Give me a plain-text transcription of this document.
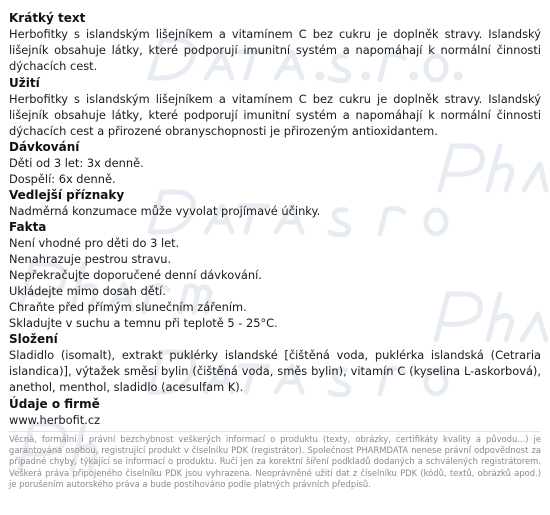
Krátký text
Herbofitky s islandským lišejníkem a vitamínem C bez cukru je doplněk stravy. Islandský lišejník obsahuje látky, které podporují imunitní systém a napomáhají k normální činnosti dýchacích cest.
Užití
Herbofitky s islandským lišejníkem a vitamínem C bez cukru je doplněk stravy. Islandský lišejník obsahuje látky, které podporují imunitní systém a napomáhají k normální činnosti dýchacích cest a přirozené obranyschopnosti je přirozeným antioxidantem.
Dávkování
Děti od 3 let: 3x denně.
Dospělí: 6x denně.
Vedlejší příznaky
Nadměrná konzumace může vyvolat projímavé účinky.
Fakta
Není vhodné pro děti do 3 let.
Nenahrazuje pestrou stravu.
Nepřekračujte doporučené denní dávkování.
Ukládejte mimo dosah dětí.
Chraňte před přímým slunečním zářením.
Skladujte v suchu a temnu při teplotě 5 - 25°C.
Složení
Sladidlo (isomalt), extrakt puklérky islandské [čištěná voda, puklérka islandská (Cetraria islandica)], výtažek směsi bylin (čištěná voda, směs bylin), vitamín C (kyselina L-askorbová), anethol, menthol, sladidlo (acesulfam K).
Údaje o firmě
www.herbofit.cz
Věcná, formální i právní bezchybnost veškerých informací o produktu (texty, obrázky, certifikáty kvality a původu...) je garantována osobou, registrující produkt v číselníku PDK (registrátor). Společnost PHARMDATA nenese právní odpovědnost za případné chyby, týkající se informací o produktu. Ručí jen za korektní šíření podkladů dodaných a schválených registrátorem. Veškerá práva připojeného číselníku PDK jsou vyhrazena. Neoprávněné užití dat z číselníku PDK (kódů, textů, obrázků apod.) je porušením autorského práva a bude postihováno podle platných právních předpisů.
